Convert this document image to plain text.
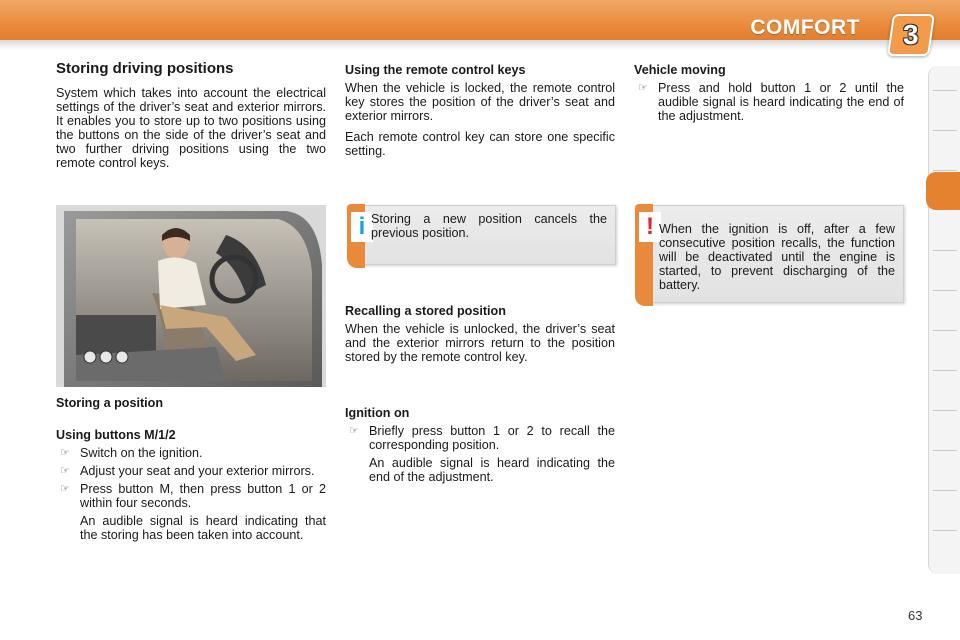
COMFORT 3
Storing driving positions

System which takes into account the electrical settings of the driver’s seat and exterior mirrors. It enables you to store up to two positions using the buttons on the side of the driver’s seat and two further driving positions using the two remote control keys.

Storing a position
Using buttons M/1/2
☞ Switch on the ignition.
☞ Adjust your seat and your exterior mirrors.
☞ Press button M, then press button 1 or 2 within four seconds.
An audible signal is heard indicating that the storing has been taken into account.
Using the remote control keys

When the vehicle is locked, the remote control key stores the position of the driver’s seat and exterior mirrors.

Each remote control key can store one specific setting.

i Storing a new position cancels the previous position.
Recalling a stored position

When the vehicle is unlocked, the driver’s seat and the exterior mirrors return to the position stored by the remote control key.

Ignition on
☞ Briefly press button 1 or 2 to recall the corresponding position.
An audible signal is heard indicating the end of the adjustment.
Vehicle moving
☞ Press and hold button 1 or 2 until the audible signal is heard indicating the end of the adjustment.
! When the ignition is off, after a few consecutive position recalls, the function will be deactivated until the engine is started, to prevent discharging of the battery.
63
